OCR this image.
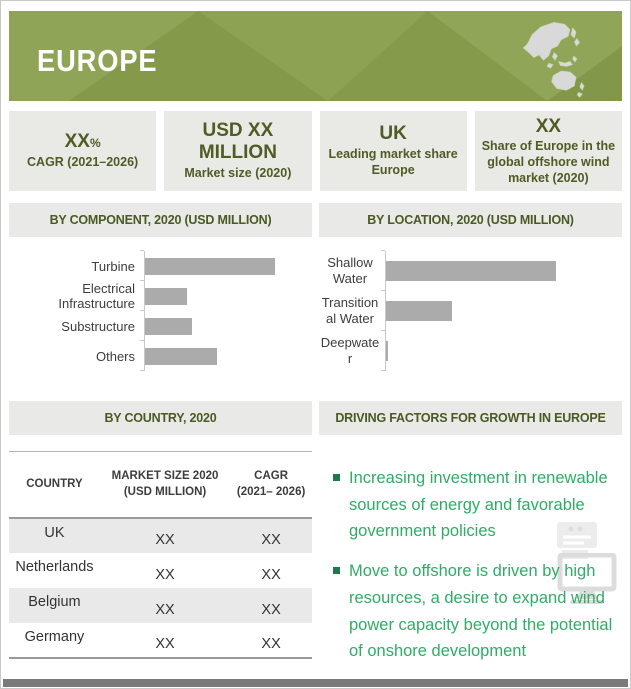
EUROPE
XX%
CAGR (2021–2026)
USD XX MILLION
Market size (2020)
UK
Leading market share Europe
XX
Share of Europe in the global offshore wind market (2020)
BY COMPONENT, 2020 (USD MILLION)	BY LOCATION, 2020 (USD MILLION)
Turbine
Electrical Infrastructure
Substructure
Others
Shallow Water
Transitional Water
Deepwater
BY COUNTRY, 2020	DRIVING FACTORS FOR GROWTH IN EUROPE
COUNTRY	MARKET SIZE 2020 (USD MILLION)	CAGR (2021– 2026)
UK	XX	XX
Netherlands	XX	XX
Belgium	XX	XX
Germany	XX	XX
Increasing investment in renewable sources of energy and favorable government policies
Move to offshore is driven by high resources, a desire to expand wind power capacity beyond the potential of onshore development
